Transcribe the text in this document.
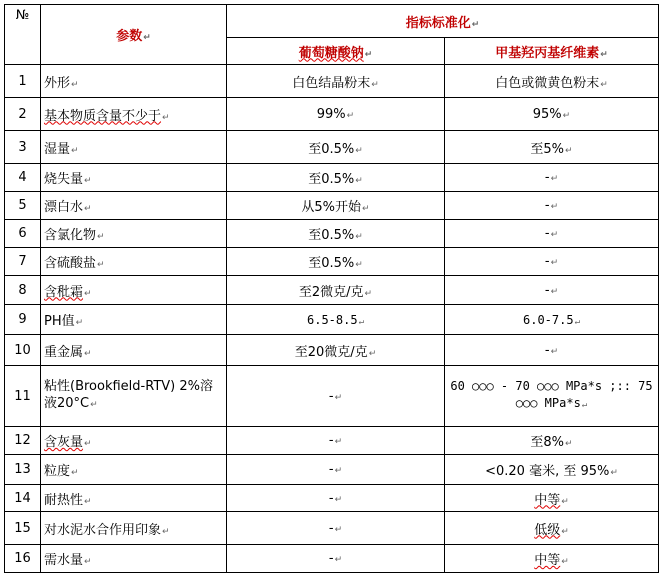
№	参数↵	指标标准化↵	
		葡萄糖酸钠↵	甲基羟丙基纤维素↵
1	外形↵	白色结晶粉末↵	白色或微黄色粉末↵
2	基本物质含量不少于↵	99%↵	95%↵
3	湿量↵	至0.5%↵	至5%↵
4	烧失量↵	至0.5%↵	-↵
5	漂白水↵	从5%开始↵	-↵
6	含氯化物↵	至0.5%↵	-↵
7	含硫酸盐↵	至0.5%↵	-↵
8	含秕霜↵	至2微克/克↵	-↵
9	PH值↵	6.5-8.5↵	6.0-7.5↵
10	重金属↵	至20微克/克↵	-↵
11	粘性(Brookfield-RTV) 2%溶液20°C↵	-↵	60 ○○○ - 70 ○○○ MPa*s ;:: 75 ○○○ MPa*s↵
12	含灰量↵	-↵	至8%↵
13	粒度↵	-↵	<0.20 毫米, 至 95%↵
14	耐热性↵	-↵	中等↵
15	对水泥水合作用印象↵	-↵	低级↵
16	需水量↵	-↵	中等↵
